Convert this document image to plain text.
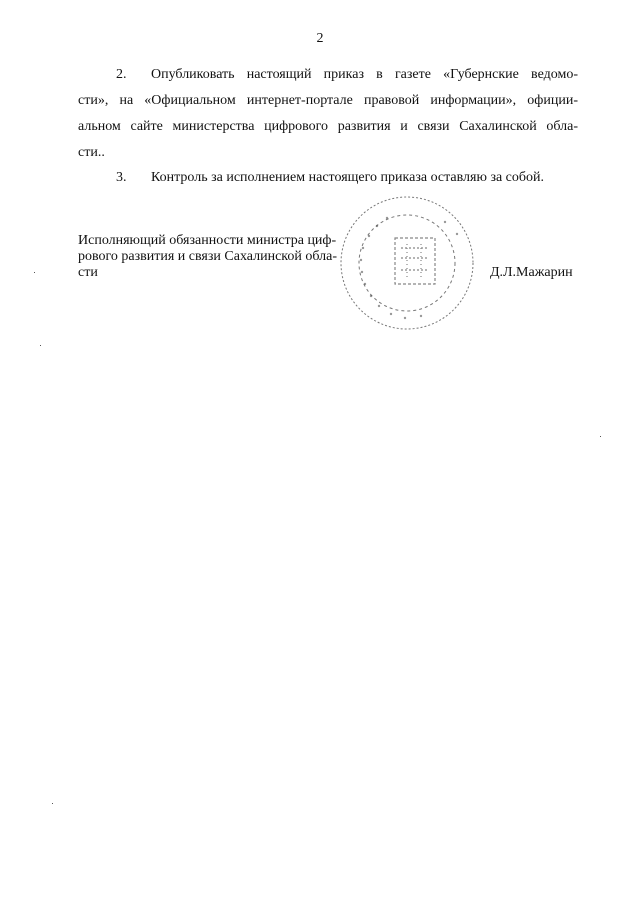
2
2. Опубликовать настоящий приказ в газете «Губернские ведомо-
сти», на «Официальном интернет-портале правовой информации», официи-
альном сайте министерства цифрового развития и связи Сахалинской обла-
сти..
3. Контроль за исполнением настоящего приказа оставляю за собой.
Исполняющий обязанности министра циф-
рового развития и связи Сахалинской обла-
сти	Д.Л.Мажарин
